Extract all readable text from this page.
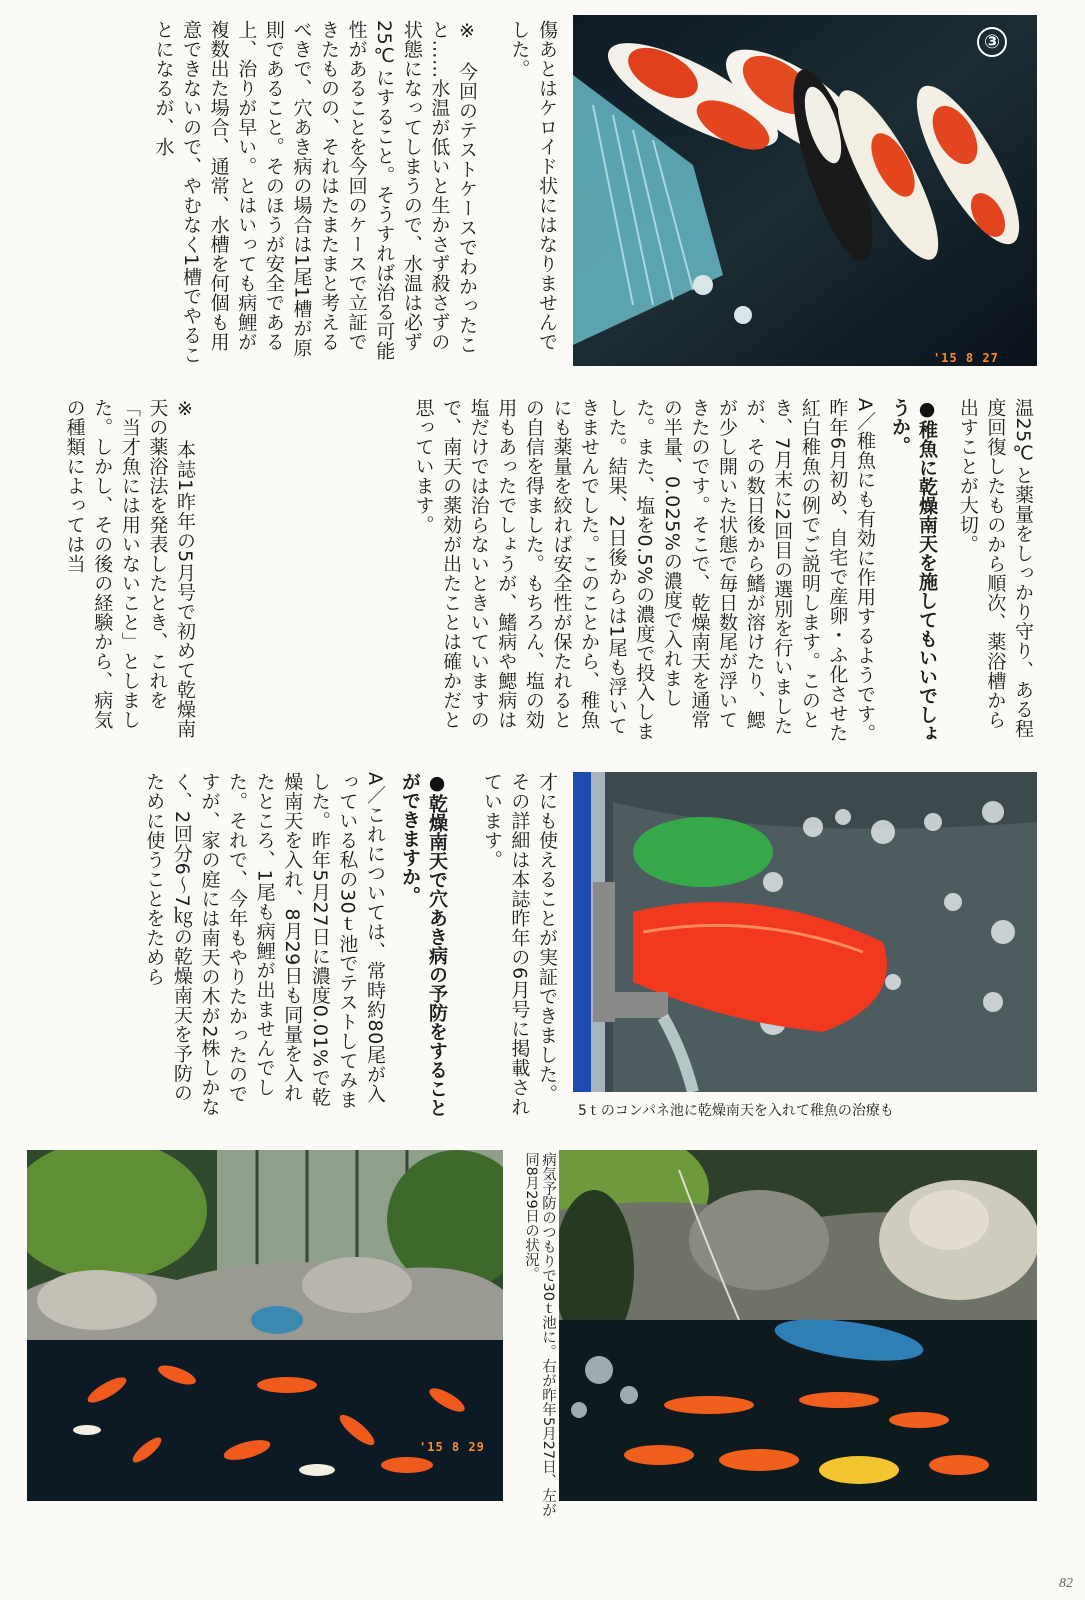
③
'15 8 27
傷あとはケロイド状にはなりませんでした。
※　今回のテストケースでわかったこと……水温が低いと生かさず殺さずの状態になってしまうので、水温は必ず25℃にすること。そうすれば治る可能性があることを今回のケースで立証できたものの、それはたまたまと考えるべきで、穴あき病の場合は1尾1槽が原則であること。そのほうが安全である上、治りが早い。とはいっても病鯉が複数出た場合、通常、水槽を何個も用意できないので、やむなく1槽でやることになるが、水
温25℃と薬量をしっかり守り、ある程度回復したものから順次、薬浴槽から出すことが大切。
●稚魚に乾燥南天を施してもいいでしょうか。
A／稚魚にも有効に作用するようです。昨年6月初め、自宅で産卵・ふ化させた紅白稚魚の例でご説明します。このとき、7月末に2回目の選別を行いましたが、その数日後から鰭が溶けたり、鰓が少し開いた状態で毎日数尾が浮いてきたのです。そこで、乾燥南天を通常の半量、0.025%の濃度で入れました。また、塩を0.5%の濃度で投入しました。結果、2日後からは1尾も浮いてきませんでした。このことから、稚魚にも薬量を絞れば安全性が保たれるとの自信を得ました。もちろん、塩の効用もあったでしょうが、鰭病や鰓病は塩だけでは治らないときいていますので、南天の薬効が出たことは確かだと思っています。
※　本誌1昨年の5月号で初めて乾燥南天の薬浴法を発表したとき、これを「当才魚には用いないこと」としました。しかし、その後の経験から、病気の種類によっては当
5ｔのコンパネ池に乾燥南天を入れて稚魚の治療も
才にも使えることが実証できました。その詳細は本誌昨年の6月号に掲載されています。
●乾燥南天で穴あき病の予防をすることができますか。
A／これについては、常時約80尾が入っている私の30ｔ池でテストしてみました。昨年5月27日に濃度0.01%で乾燥南天を入れ、8月29日も同量を入れたところ、1尾も病鯉が出ませんでした。それで、今年もやりたかったのですが、家の庭には南天の木が2株しかなく、2回分6～7㎏の乾燥南天を予防のために使うことをためら
'15 8 29	病気予防のつもりで30ｔ池に。右が昨年5月27日、左が同8月29日の状況。
82
